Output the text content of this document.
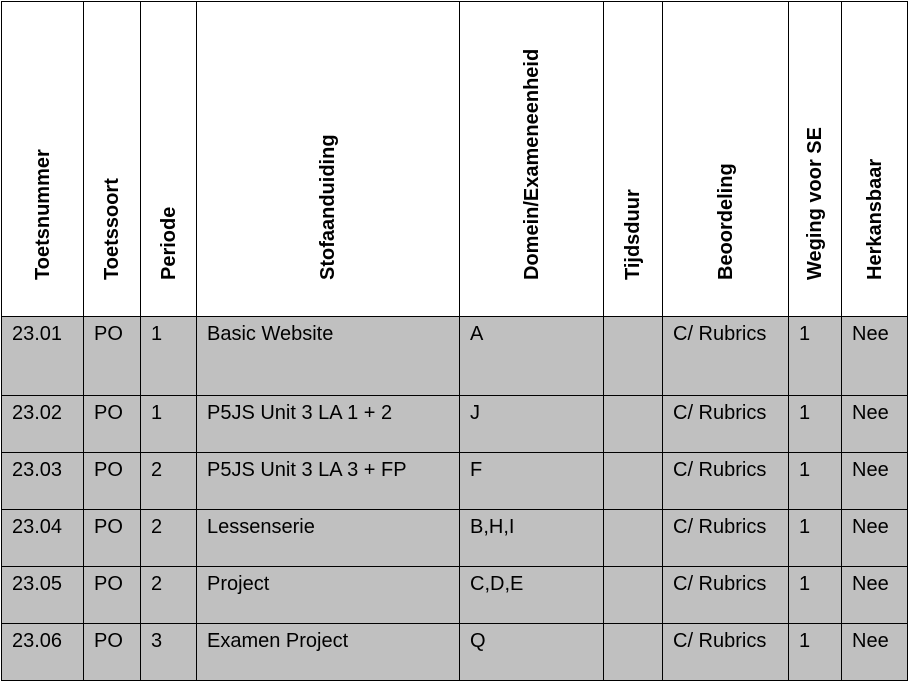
Toetsnummer	Toetssoort	Periode	Stofaanduiding	Domein/Exameneenheid	Tijdsduur	Beoordeling	Weging voor SE	Herkansbaar

23.01	PO	1	Basic Website	A		C/ Rubrics	1	Nee
23.02	PO	1	P5JS Unit 3 LA 1 + 2	J		C/ Rubrics	1	Nee
23.03	PO	2	P5JS Unit 3 LA 3 + FP	F		C/ Rubrics	1	Nee
23.04	PO	2	Lessenserie	B,H,I		C/ Rubrics	1	Nee
23.05	PO	2	Project	C,D,E		C/ Rubrics	1	Nee
23.06	PO	3	Examen Project	Q		C/ Rubrics	1	Nee
